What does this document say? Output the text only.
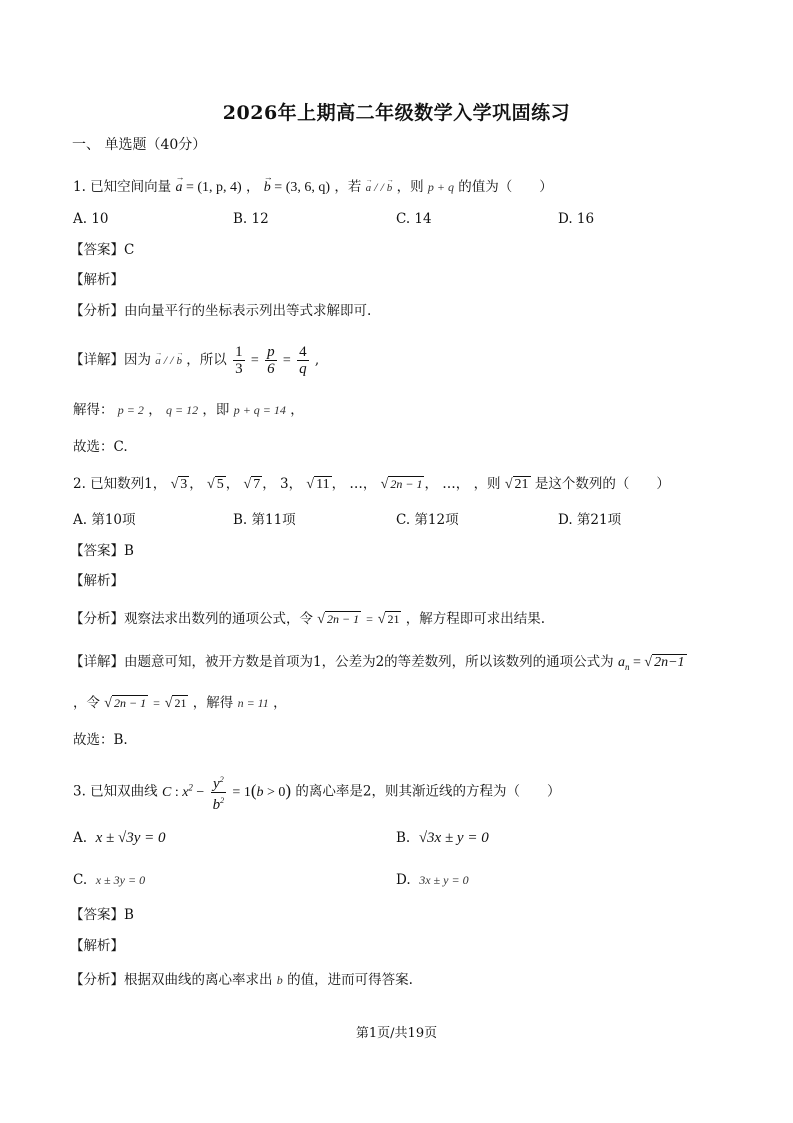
2026年上期高二年级数学入学巩固练习
一、 单选题（40分）
1. 已知空间向量 → a = (1, p, 4) ， → b = (3, 6, q) ，若 → a / / → b ，则 p + q 的值为（　　）
A. 10	B. 12	C. 14	D. 16
【答案】C
【解析】
【分析】由向量平行的坐标表示列出等式求解即可.
【详解】因为 → a / / → b ，所以 $\frac{1}{3} = \frac{p}{6} = \frac{4}{q}$ ,
解得： p = 2 ， q = 12 ，即 p + q = 14 ，
故选：C.
2. 已知数列1， √ 3 ， √ 5 ， √ 7 ， 3， √ 11 ， …， √ 2n − 1 ， …， ，则 √ 21 是这个数列的（　　）
A. 第10项	B. 第11项	C. 第12项	D. 第21项
【答案】B
【解析】
【分析】观察法求出数列的通项公式，令 √ 2n − 1 = √ 21 ，解方程即可求出结果.
【详解】由题意可知，被开方数是首项为1，公差为2的等差数列，所以该数列的通项公式为 $a_n$ = √ 2n−1
，令 √ 2n − 1 = √ 21 ，解得 n = 11 ，
故选：B.
3. 已知双曲线 C : $x^2 - \frac{y^2}{b^2} = 1(b > 0)$ 的离心率是2，则其渐近线的方程为（　　）
A. x ± √3y = 0	B. √3x ± y = 0
C. x ± 3y = 0	D. 3x ± y = 0
【答案】B
【解析】
【分析】根据双曲线的离心率求出 b 的值，进而可得答案.
第1页/共19页
